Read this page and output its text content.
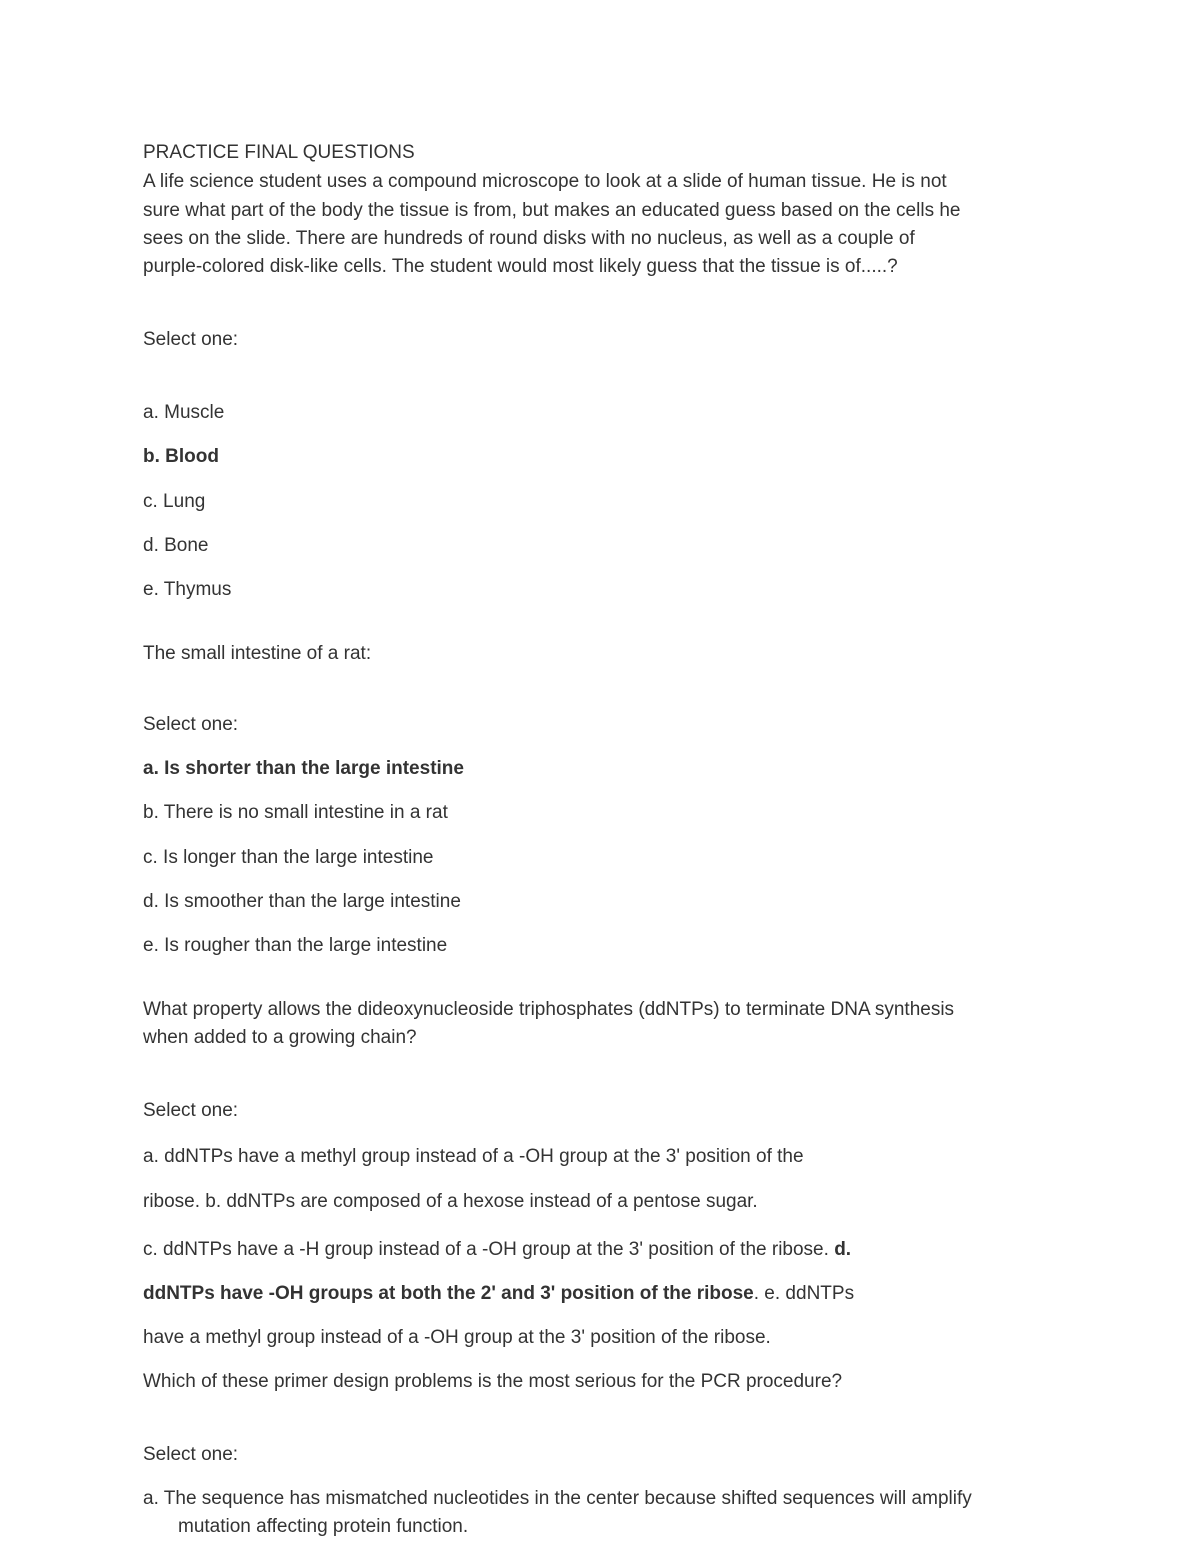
PRACTICE FINAL QUESTIONS

A life science student uses a compound microscope to look at a slide of human tissue. He is not

sure what part of the body the tissue is from, but makes an educated guess based on the cells he

sees on the slide. There are hundreds of round disks with no nucleus, as well as a couple of

purple-colored disk-like cells. The student would most likely guess that the tissue is of.....?

Select one:

a. Muscle

b. Blood

c. Lung

d. Bone

e. Thymus

The small intestine of a rat:

Select one:

a. Is shorter than the large intestine

b. There is no small intestine in a rat

c. Is longer than the large intestine

d. Is smoother than the large intestine

e. Is rougher than the large intestine

What property allows the dideoxynucleoside triphosphates (ddNTPs) to terminate DNA synthesis

when added to a growing chain?

Select one:

a. ddNTPs have a methyl group instead of a -OH group at the 3' position of the

ribose. b. ddNTPs are composed of a hexose instead of a pentose sugar.

c. ddNTPs have a -H group instead of a -OH group at the 3' position of the ribose. d.

ddNTPs have -OH groups at both the 2' and 3' position of the ribose. e. ddNTPs

have a methyl group instead of a -OH group at the 3' position of the ribose.

Which of these primer design problems is the most serious for the PCR procedure?

Select one:

a. The sequence has mismatched nucleotides in the center because shifted sequences will amplify

mutation affecting protein function.
